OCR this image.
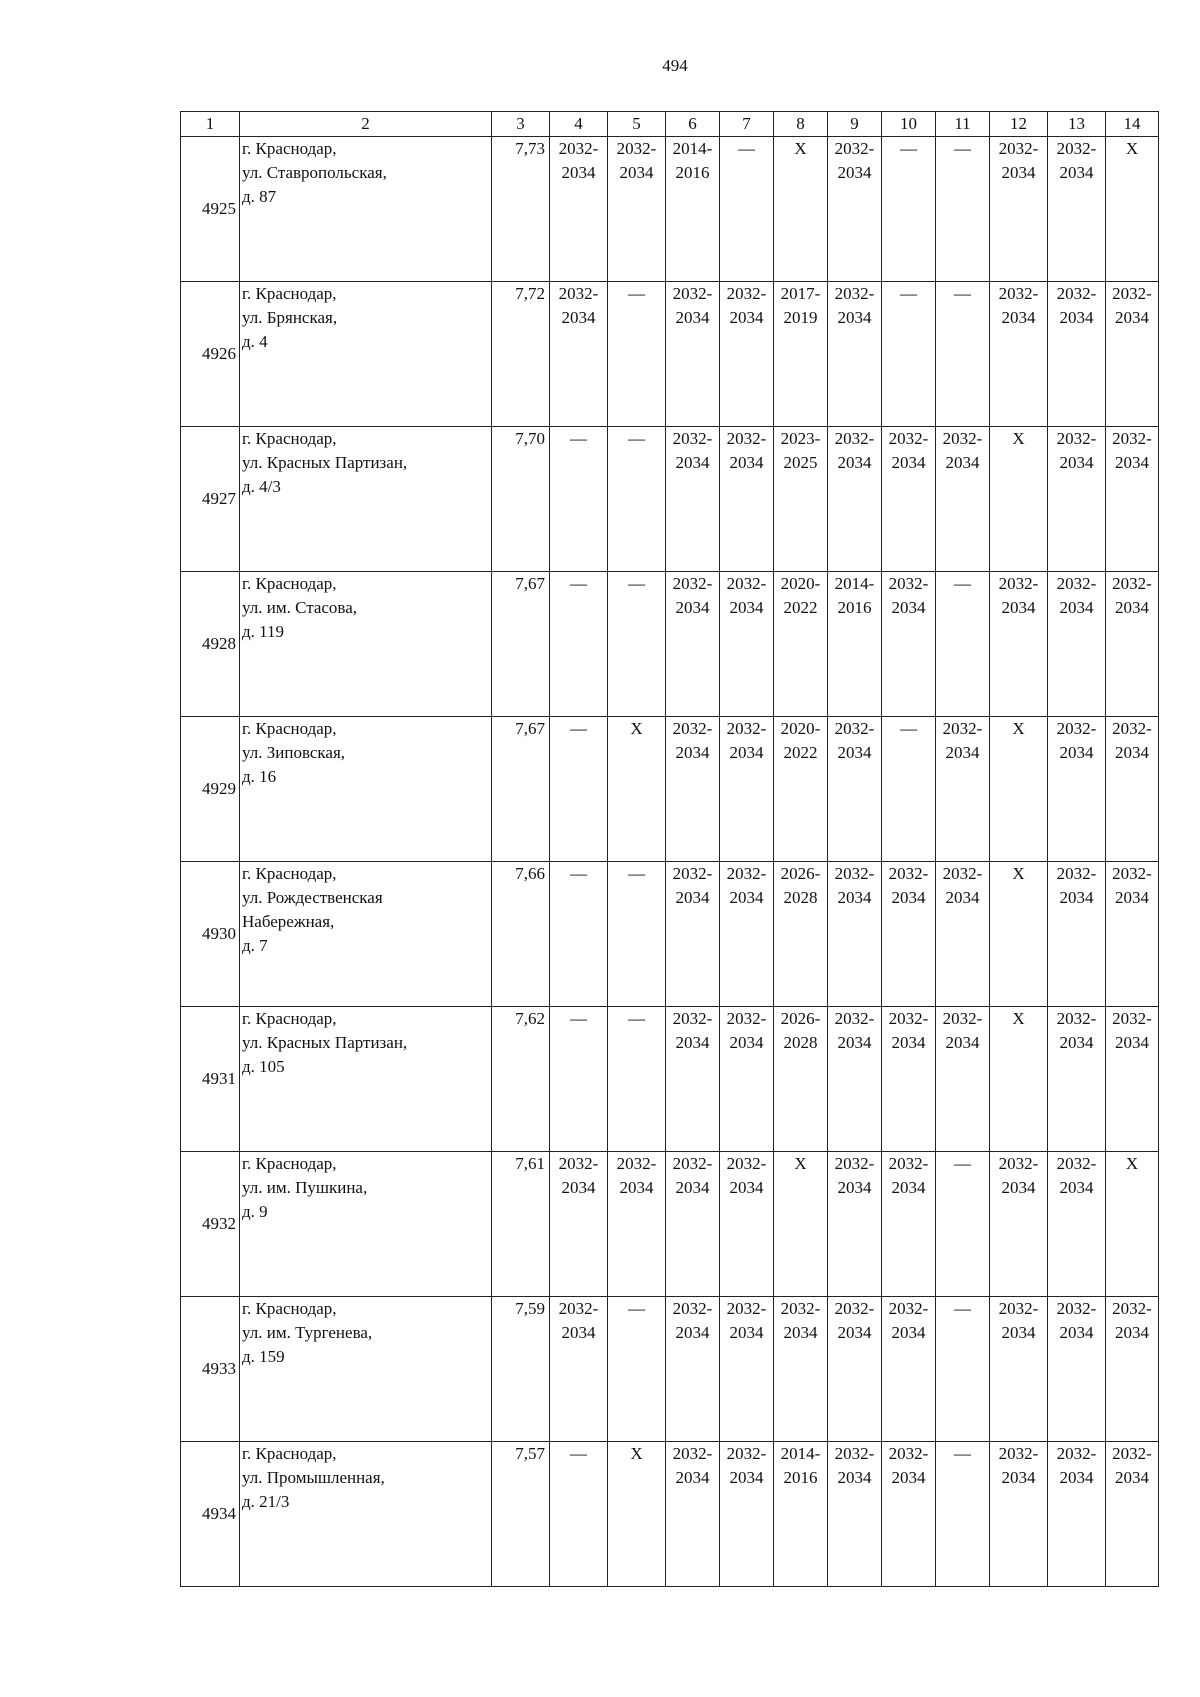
494
1	2	3	4	5	6	7	8	9	10	11	12	13	14
4925	г. Краснодар,
ул. Ставропольская,
д. 87	7,73	2032-
2034	2032-
2034	2014-
2016	—	X	2032-
2034	—	—	2032-
2034	2032-
2034	X

4926	г. Краснодар,
ул. Брянская,
д. 4	7,72	2032-
2034	—	2032-
2034	2032-
2034	2017-
2019	2032-
2034	—	—	2032-
2034	2032-
2034	2032-
2034

4927	г. Краснодар,
ул. Красных Партизан,
д. 4/3	7,70	—	—	2032-
2034	2032-
2034	2023-
2025	2032-
2034	2032-
2034	2032-
2034	X	2032-
2034	2032-
2034

4928	г. Краснодар,
ул. им. Стасова,
д. 119	7,67	—	—	2032-
2034	2032-
2034	2020-
2022	2014-
2016	2032-
2034	—	2032-
2034	2032-
2034	2032-
2034

4929	г. Краснодар,
ул. Зиповская,
д. 16	7,67	—	X	2032-
2034	2032-
2034	2020-
2022	2032-
2034	—	2032-
2034	X	2032-
2034	2032-
2034

4930	г. Краснодар,
ул. Рождественская
Набережная,
д. 7	7,66	—	—	2032-
2034	2032-
2034	2026-
2028	2032-
2034	2032-
2034	2032-
2034	X	2032-
2034	2032-
2034

4931	г. Краснодар,
ул. Красных Партизан,
д. 105	7,62	—	—	2032-
2034	2032-
2034	2026-
2028	2032-
2034	2032-
2034	2032-
2034	X	2032-
2034	2032-
2034

4932	г. Краснодар,
ул. им. Пушкина,
д. 9	7,61	2032-
2034	2032-
2034	2032-
2034	2032-
2034	X	2032-
2034	2032-
2034	—	2032-
2034	2032-
2034	X

4933	г. Краснодар,
ул. им. Тургенева,
д. 159	7,59	2032-
2034	—	2032-
2034	2032-
2034	2032-
2034	2032-
2034	2032-
2034	—	2032-
2034	2032-
2034	2032-
2034

4934	г. Краснодар,
ул. Промышленная,
д. 21/3	7,57	—	X	2032-
2034	2032-
2034	2014-
2016	2032-
2034	2032-
2034	—	2032-
2034	2032-
2034	2032-
2034
